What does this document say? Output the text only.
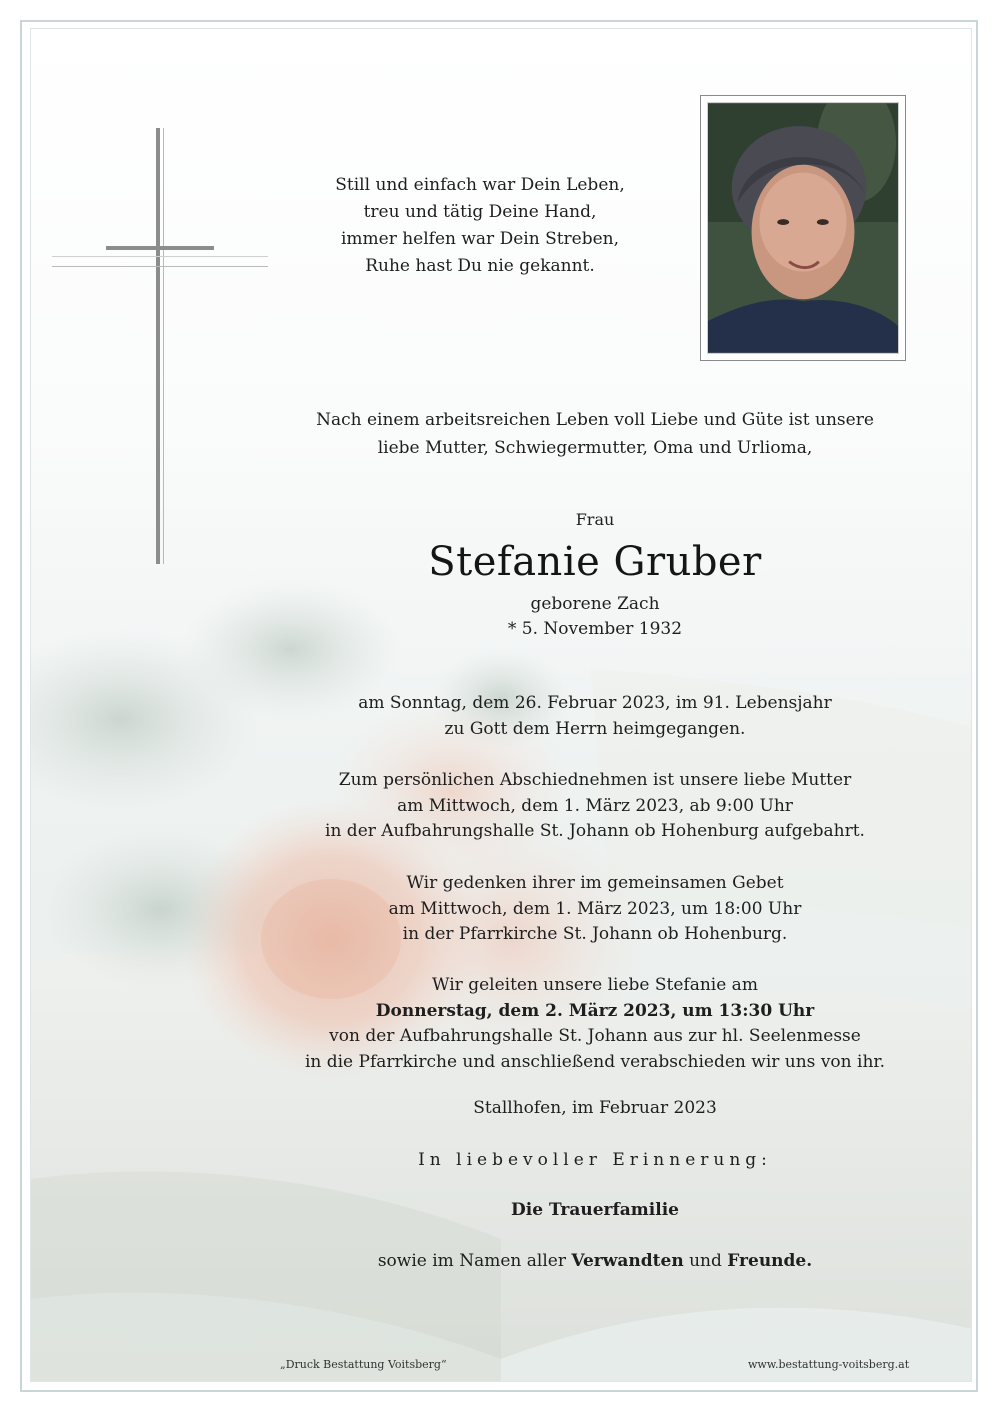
Still und einfach war Dein Leben,
treu und tätig Deine Hand,
immer helfen war Dein Streben,
Ruhe hast Du nie gekannt.
Nach einem arbeitsreichen Leben voll Liebe und Güte ist unsere
liebe Mutter, Schwiegermutter, Oma und Urlioma,
Frau
Stefanie Gruber
geborene Zach
* 5. November 1932
am Sonntag, dem 26. Februar 2023, im 91. Lebensjahr
zu Gott dem Herrn heimgegangen.
Zum persönlichen Abschiednehmen ist unsere liebe Mutter
am Mittwoch, dem 1. März 2023, ab 9:00 Uhr
in der Aufbahrungshalle St. Johann ob Hohenburg aufgebahrt.
Wir gedenken ihrer im gemeinsamen Gebet
am Mittwoch, dem 1. März 2023, um 18:00 Uhr
in der Pfarrkirche St. Johann ob Hohenburg.
Wir geleiten unsere liebe Stefanie am
Donnerstag, dem 2. März 2023, um 13:30 Uhr
von der Aufbahrungshalle St. Johann aus zur hl. Seelenmesse
in die Pfarrkirche und anschließend verabschieden wir uns von ihr.
Stallhofen, im Februar 2023
In liebevoller Erinnerung:
Die Trauerfamilie
sowie im Namen aller Verwandten und Freunde.
„Druck Bestattung Voitsberg“	www.bestattung-voitsberg.at
